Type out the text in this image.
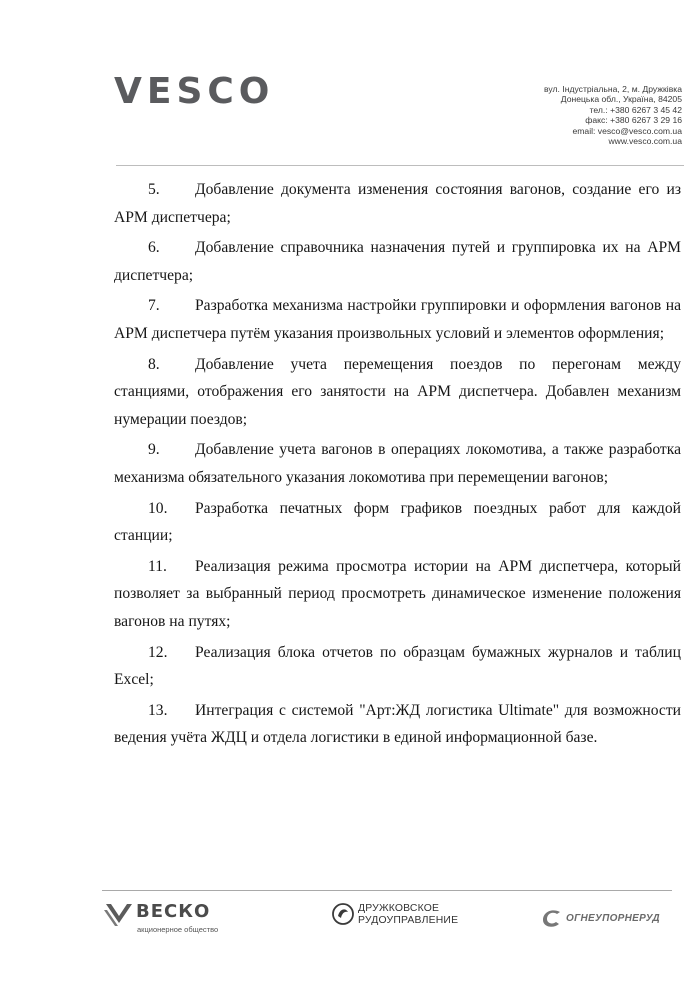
VESCO	вул. Індустріальна, 2, м. Дружківка
Донецька обл., Україна, 84205
тел.: +380 6267 3 45 42
факс: +380 6267 3 29 16
email: vesco@vesco.com.ua
www.vesco.com.ua

5. Добавление документа изменения состояния вагонов, создание его из АРМ диспетчера;

6. Добавление справочника назначения путей и группировка их на АРМ диспетчера;

7. Разработка механизма настройки группировки и оформления вагонов на АРМ диспетчера путём указания произвольных условий и элементов оформления;

8. Добавление учета перемещения поездов по перегонам между станциями, отображения его занятости на АРМ диспетчера. Добавлен механизм нумерации поездов;

9. Добавление учета вагонов в операциях локомотива, а также разработка механизма обязательного указания локомотива при перемещении вагонов;

10. Разработка печатных форм графиков поездных работ для каждой станции;

11. Реализация режима просмотра истории на АРМ диспетчера, который позволяет за выбранный период просмотреть динамическое изменение положения вагонов на путях;

12. Реализация блока отчетов по образцам бумажных журналов и таблиц Excel;

13. Интеграция с системой "Арт:ЖД логистика Ultimate" для возможности ведения учёта ЖДЦ и отдела логистики в единой информационной базе.

ВЕСКО
акционерное общество
ДРУЖКОВСКОЕ
РУДОУПРАВЛЕНИЕ	ОГНЕУПОРНЕРУД
